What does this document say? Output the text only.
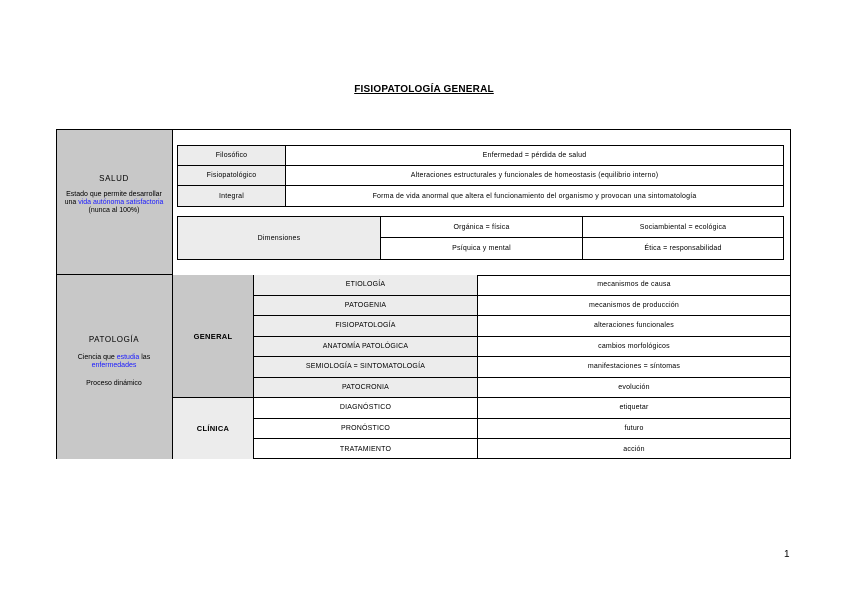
FISIOPATOLOGÍA GENERAL
SALUD
Estado que permite desarrollar una vida autónoma satisfactoria
(nunca al 100%)
Filosófico	Enfermedad = pérdida de salud
Fisiopatológico	Alteraciones estructurales y funcionales de homeostasis (equilibrio interno)
Integral	Forma de vida anormal que altera el funcionamiento del organismo y provocan una sintomatología
Dimensiones
Orgánica = física	Sociambiental = ecológica
Psíquica y mental	Ética = responsabilidad
PATOLOGÍA
Ciencia que estudia las
enfermedades
Proceso dinámico
GENERAL
CLÍNICA
ETIOLOGÍA	mecanismos de causa
PATOGENIA	mecanismos de producción
FISIOPATOLOGÍA	alteraciones funcionales
ANATOMÍA PATOLÓGICA	cambios morfológicos
SEMIOLOGÍA = SINTOMATOLOGÍA	manifestaciones = síntomas
PATOCRONIA	evolución
DIAGNÓSTICO	etiquetar
PRONÓSTICO	futuro
TRATAMIENTO	acción
1
